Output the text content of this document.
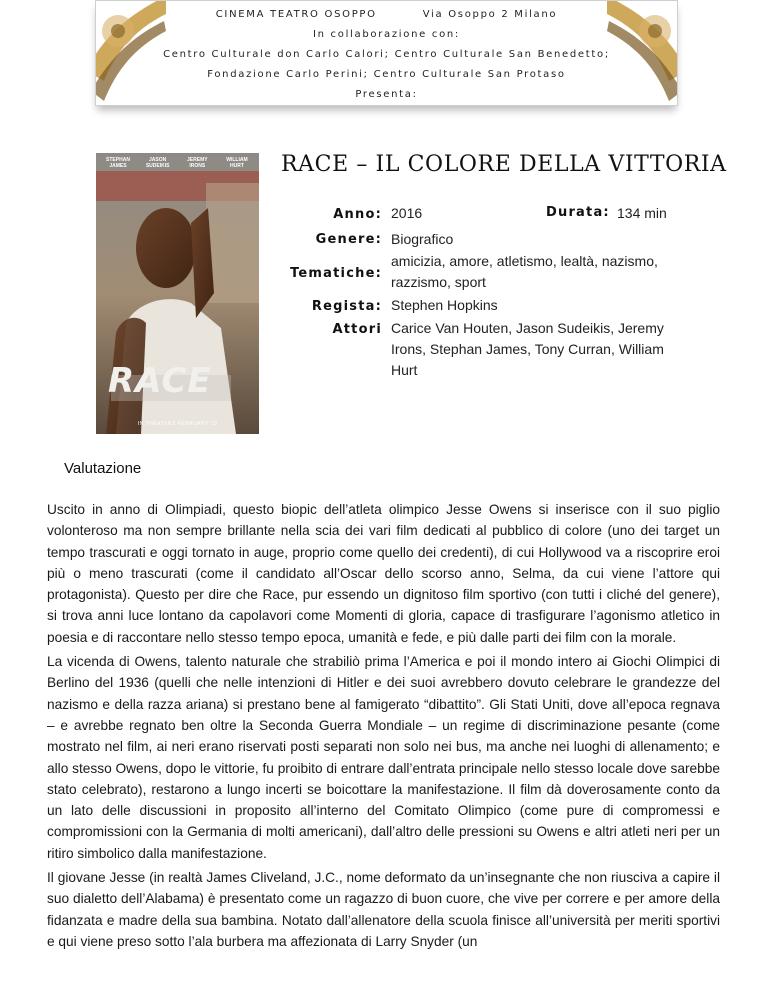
CINEMA TEATRO OSOPPO	Via Osoppo 2 Milano
In collaborazione con:
Centro Culturale don Carlo Calori; Centro Culturale San Benedetto;
Fondazione Carlo Perini; Centro Culturale San Protaso
Presenta:
STEPHAN JAMES
JASON SUDEIKIS
JEREMY IRONS
WILLIAM HURT
RACE
IN THEATERS FEBRUARY 19
RACE – IL COLORE DELLA VITTORIA
Anno: 2016	Durata: 134 min
Genere: Biografico
Tematiche:
amicizia, amore, atletismo, lealtà, nazismo, razzismo, sport
Regista: Stephen Hopkins
Attori Carice Van Houten, Jason Sudeikis, Jeremy Irons, Stephan James, Tony Curran, William Hurt
Valutazione

Uscito in anno di Olimpiadi, questo biopic dell’atleta olimpico Jesse Owens si inserisce con il suo piglio volonteroso ma non sempre brillante nella scia dei vari film dedicati al pubblico di colore (uno dei target un tempo trascurati e oggi tornato in auge, proprio come quello dei credenti), di cui Hollywood va a riscoprire eroi più o meno trascurati (come il candidato all’Oscar dello scorso anno, Selma, da cui viene l’attore qui protagonista). Questo per dire che Race, pur essendo un dignitoso film sportivo (con tutti i cliché del genere), si trova anni luce lontano da capolavori come Momenti di gloria, capace di trasfigurare l’agonismo atletico in poesia e di raccontare nello stesso tempo epoca, umanità e fede, e più dalle parti dei film con la morale.

La vicenda di Owens, talento naturale che strabiliò prima l’America e poi il mondo intero ai Giochi Olimpici di Berlino del 1936 (quelli che nelle intenzioni di Hitler e dei suoi avrebbero dovuto celebrare le grandezze del nazismo e della razza ariana) si prestano bene al famigerato “dibattito”. Gli Stati Uniti, dove all’epoca regnava – e avrebbe regnato ben oltre la Seconda Guerra Mondiale – un regime di discriminazione pesante (come mostrato nel film, ai neri erano riservati posti separati non solo nei bus, ma anche nei luoghi di allenamento; e allo stesso Owens, dopo le vittorie, fu proibito di entrare dall’entrata principale nello stesso locale dove sarebbe stato celebrato), restarono a lungo incerti se boicottare la manifestazione. Il film dà doverosamente conto da un lato delle discussioni in proposito all’interno del Comitato Olimpico (come pure di compromessi e compromissioni con la Germania di molti americani), dall’altro delle pressioni su Owens e altri atleti neri per un ritiro simbolico dalla manifestazione.

Il giovane Jesse (in realtà James Cliveland, J.C., nome deformato da un’insegnante che non riusciva a capire il suo dialetto dell’Alabama) è presentato come un ragazzo di buon cuore, che vive per correre e per amore della fidanzata e madre della sua bambina. Notato dall’allenatore della scuola finisce all’università per meriti sportivi e qui viene preso sotto l’ala burbera ma affezionata di Larry Snyder (un
